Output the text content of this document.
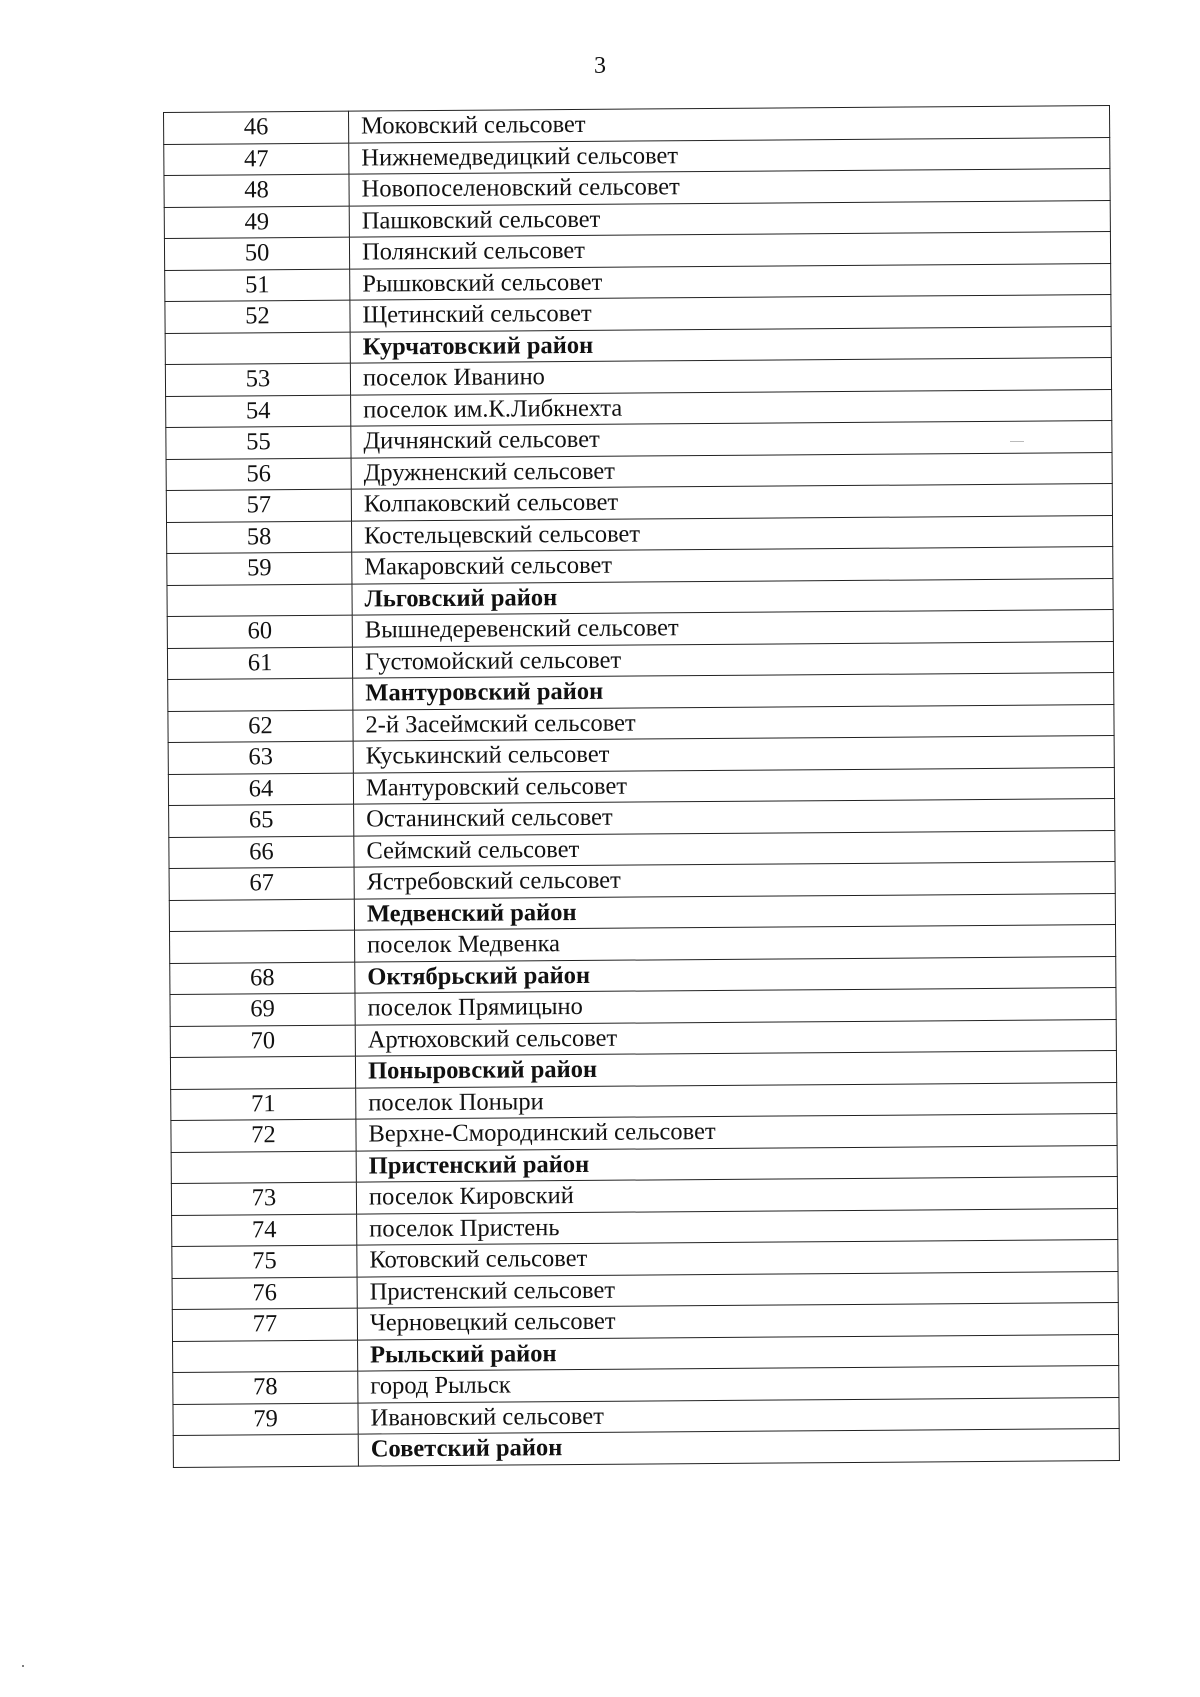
3
46	Моковский сельсовет
47	Нижнемедведицкий сельсовет
48	Новопоселеновский сельсовет
49	Пашковский сельсовет
50	Полянский сельсовет
51	Рышковский сельсовет
52	Щетинский сельсовет
	Курчатовский район
53	поселок Иванино
54	поселок им.К.Либкнехта
55	Дичнянский сельсовет
56	Дружненский сельсовет
57	Колпаковский сельсовет
58	Костельцевский сельсовет
59	Макаровский сельсовет
	Льговский район
60	Вышнедеревенский сельсовет
61	Густомойский сельсовет
	Мантуровский район
62	2-й Засеймский сельсовет
63	Куськинский сельсовет
64	Мантуровский сельсовет
65	Останинский сельсовет
66	Сеймский сельсовет
67	Ястребовский сельсовет
	Медвенский район
	поселок Медвенка
68	Октябрьский район
69	поселок Прямицыно
70	Артюховский сельсовет
	Поныровский район
71	поселок Поныри
72	Верхне-Смородинский сельсовет
	Пристенский район
73	поселок Кировский
74	поселок Пристень
75	Котовский сельсовет
76	Пристенский сельсовет
77	Черновецкий сельсовет
	Рыльский район
78	город Рыльск
79	Ивановский сельсовет
	Советский район
